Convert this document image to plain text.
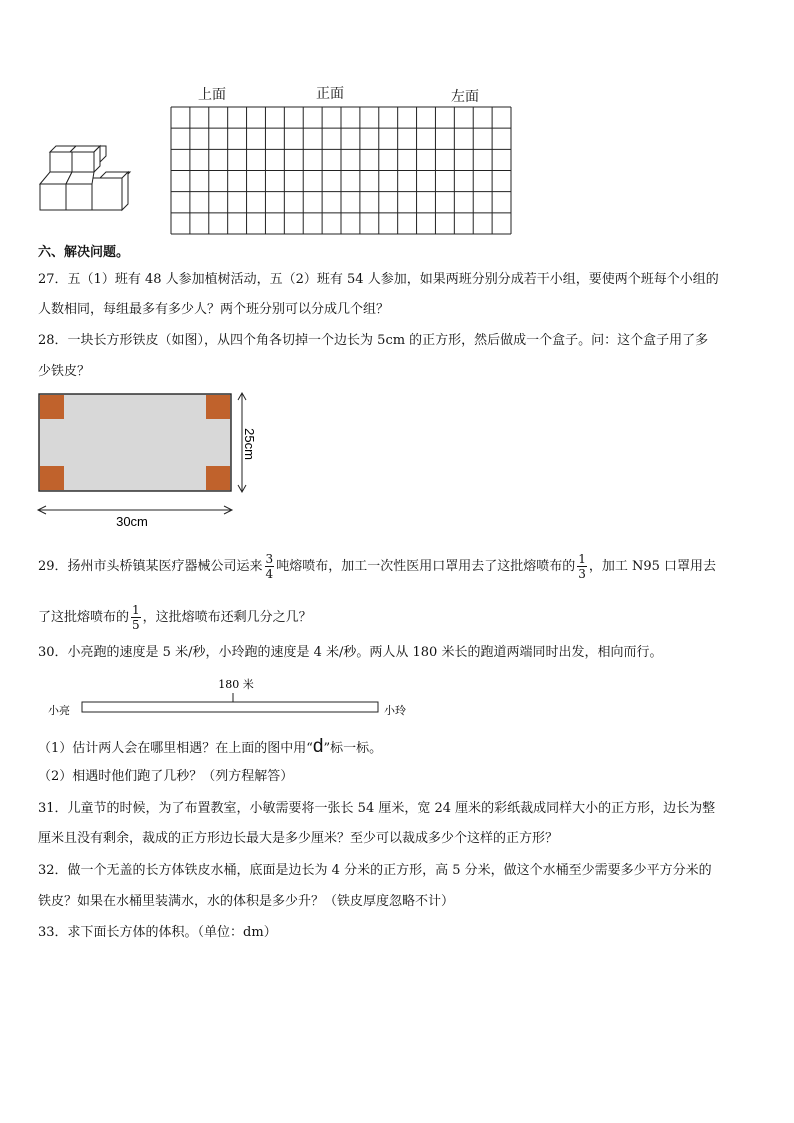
上面	正面	左面
六、解决问题。
27．五（1）班有 48 人参加植树活动，五（2）班有 54 人参加，如果两班分别分成若干小组，要使两个班每个小组的
人数相同，每组最多有多少人？两个班分别可以分成几个组？
28．一块长方形铁皮（如图），从四个角各切掉一个边长为 5cm 的正方形，然后做成一个盒子。问：这个盒子用了多
少铁皮？
25cm
30cm
29．扬州市头桥镇某医疗器械公司运来 $\frac{3}{4}$ 吨熔喷布，加工一次性医用口罩用去了这批熔喷布的 $\frac{1}{3}$ ，加工 N95 口罩用去
了这批熔喷布的 $\frac{1}{5}$ ，这批熔喷布还剩几分之几？
30．小亮跑的速度是 5 米/秒，小玲跑的速度是 4 米/秒。两人从 180 米长的跑道两端同时出发，相向而行。
180 米
小亮	小玲
（1）估计两人会在哪里相遇？在上面的图中用“d”标一标。
（2）相遇时他们跑了几秒？（列方程解答）
31．儿童节的时候，为了布置教室，小敏需要将一张长 54 厘米，宽 24 厘米的彩纸裁成同样大小的正方形，边长为整
厘米且没有剩余，裁成的正方形边长最大是多少厘米？至少可以裁成多少个这样的正方形？
32．做一个无盖的长方体铁皮水桶，底面是边长为 4 分米的正方形，高 5 分米，做这个水桶至少需要多少平方分米的
铁皮？如果在水桶里装满水，水的体积是多少升？（铁皮厚度忽略不计）
33．求下面长方体的体积。（单位：dm）
